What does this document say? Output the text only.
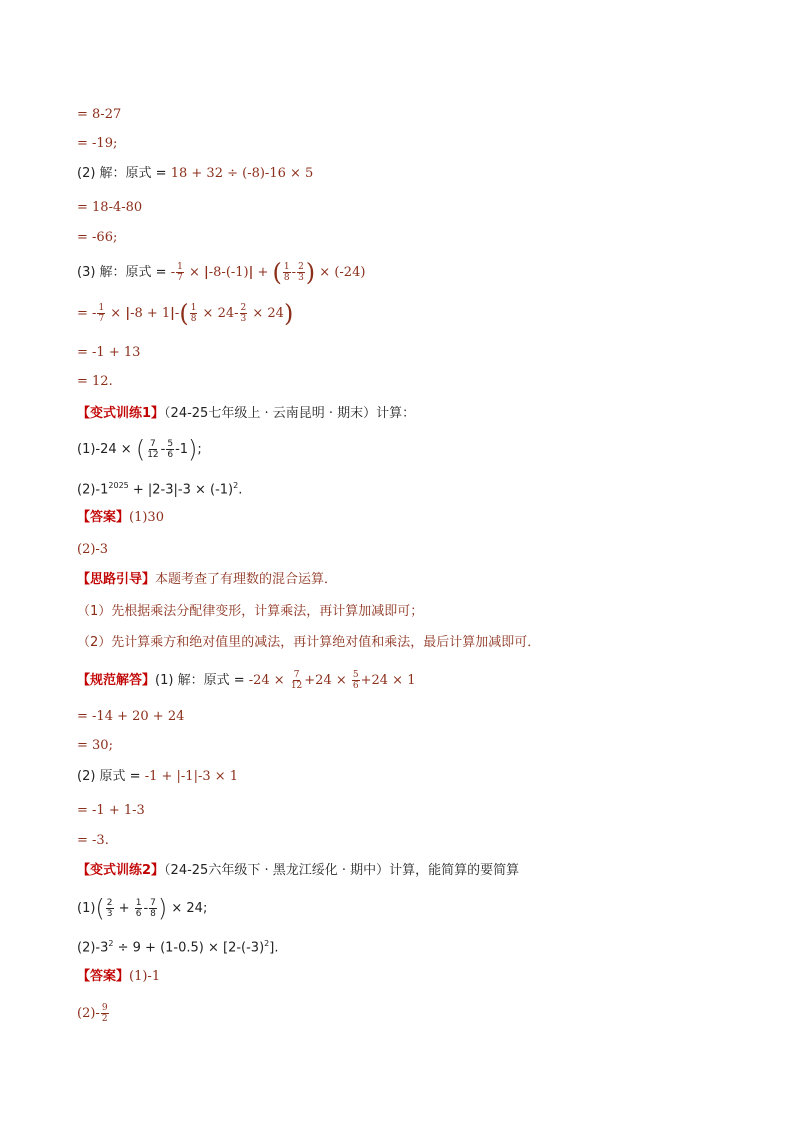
= 8-27
= -19;
(2) 解：原式 = 18 + 32 ÷ (-8)-16 × 5
= 18-4-80
= -66;
(3) 解：原式 = - $\frac{1}{7} \times |-8-(-1)|$ + ( $\frac{1}{8} - \frac{2}{3}$ ) × (-24)
= - $\frac{1}{7} \times |-8 + 1|-( \frac{1}{8} \times 24- \frac{2}{3} \times 24)$
= -1 + 13
= 12.
【变式训练1】（24-25七年级上 · 云南昆明 · 期末）计算：
(1)-24 × ( $\frac{7}{12} - \frac{5}{6} -1$);
$(2)-1^{2025} + |2-3|-3 \times (-1)^2$.
【答案】(1)30
(2)-3
【思路引导】本题考查了有理数的混合运算．
（1）先根据乘法分配律变形，计算乘法，再计算加减即可；
（2）先计算乘方和绝对值里的减法，再计算绝对值和乘法，最后计算加减即可．
【规范解答】(1) 解：原式 = $-24 \times \frac{7}{12} +24 \times \frac{5}{6} +24 \times 1$
= -14 + 20 + 24
= 30;
(2) 原式 = -1 + |-1|-3 × 1
= -1 + 1-3
= -3.
【变式训练2】（24-25六年级下 · 黑龙江绥化 · 期中）计算，能简算的要简算
$(1)( \frac{2}{3} + \frac{1}{6} - \frac{7}{8}$ ) × 24;
$(2)-3^2 \div 9 + (1-0.5) \times [2-(-3)^2]$.
【答案】(1)-1
$(2)- \frac{9}{2}$
